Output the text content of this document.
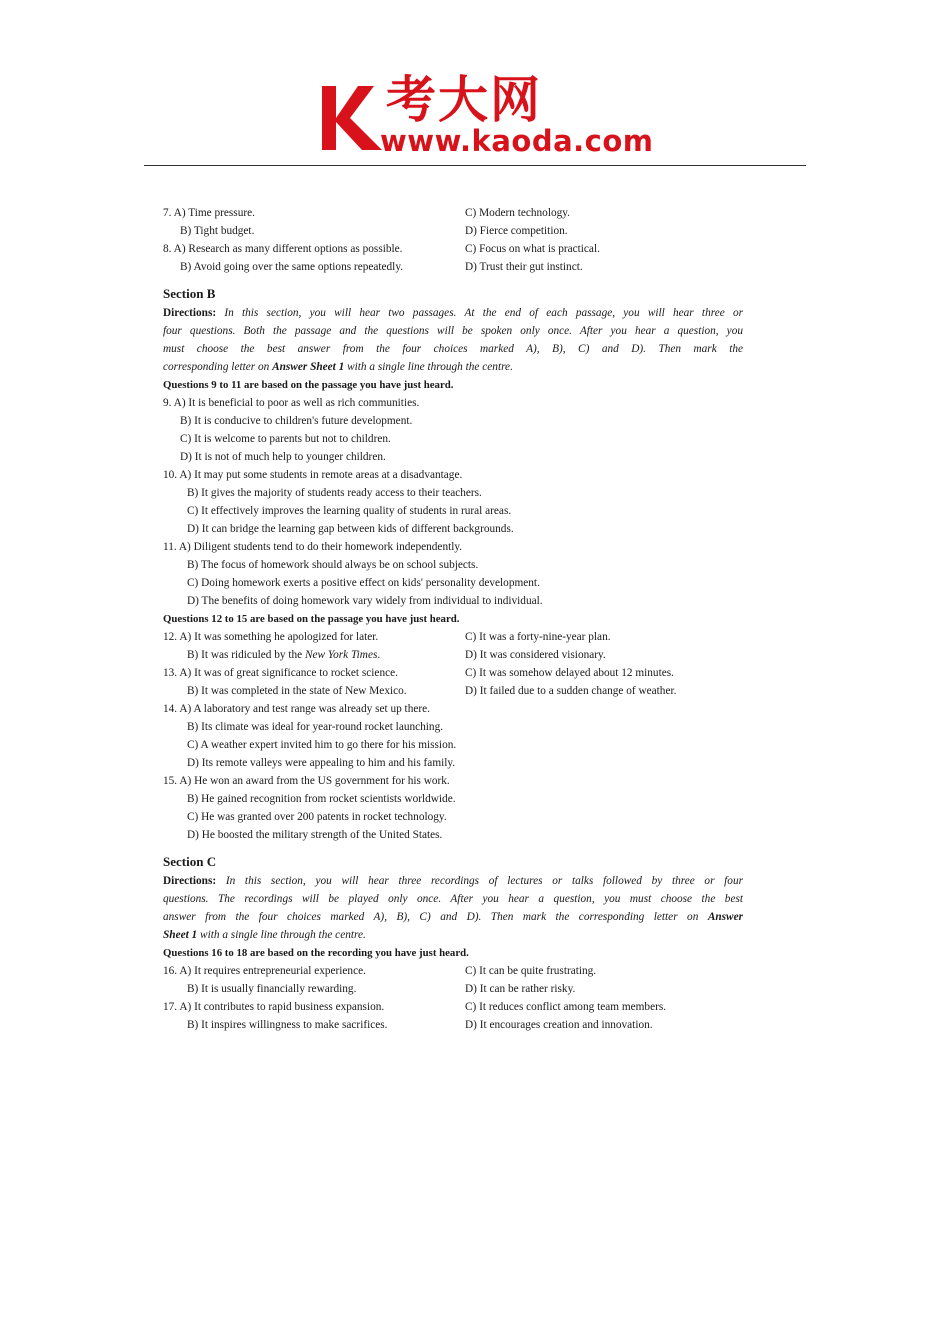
考大网
www.kaoda.com
7. A) Time pressure.	C) Modern technology.
B) Tight budget.	D) Fierce competition.
8. A) Research as many different options as possible.	C) Focus on what is practical.
B) Avoid going over the same options repeatedly.	D) Trust their gut instinct.
Section B
Directions: In this section, you will hear two passages. At the end of each passage, you will hear three or
four questions. Both the passage and the questions will be spoken only once. After you hear a question, you
must choose the best answer from the four choices marked A), B), C) and D). Then mark the
corresponding letter on Answer Sheet 1 with a single line through the centre.
Questions 9 to 11 are based on the passage you have just heard.
9. A) It is beneficial to poor as well as rich communities.
B) It is conducive to children's future development.
C) It is welcome to parents but not to children.
D) It is not of much help to younger children.
10. A) It may put some students in remote areas at a disadvantage.
B) It gives the majority of students ready access to their teachers.
C) It effectively improves the learning quality of students in rural areas.
D) It can bridge the learning gap between kids of different backgrounds.
11. A) Diligent students tend to do their homework independently.
B) The focus of homework should always be on school subjects.
C) Doing homework exerts a positive effect on kids' personality development.
D) The benefits of doing homework vary widely from individual to individual.
Questions 12 to 15 are based on the passage you have just heard.
12. A) It was something he apologized for later.	C) It was a forty-nine-year plan.
B) It was ridiculed by the New York Times.	D) It was considered visionary.
13. A) It was of great significance to rocket science.	C) It was somehow delayed about 12 minutes.
B) It was completed in the state of New Mexico.	D) It failed due to a sudden change of weather.
14. A) A laboratory and test range was already set up there.
B) Its climate was ideal for year-round rocket launching.
C) A weather expert invited him to go there for his mission.
D) Its remote valleys were appealing to him and his family.
15. A) He won an award from the US government for his work.
B) He gained recognition from rocket scientists worldwide.
C) He was granted over 200 patents in rocket technology.
D) He boosted the military strength of the United States.
Section C
Directions: In this section, you will hear three recordings of lectures or talks followed by three or four
questions. The recordings will be played only once. After you hear a question, you must choose the best
answer from the four choices marked A), B), C) and D). Then mark the corresponding letter on Answer
Sheet 1 with a single line through the centre.
Questions 16 to 18 are based on the recording you have just heard.
16. A) It requires entrepreneurial experience.	C) It can be quite frustrating.
B) It is usually financially rewarding.	D) It can be rather risky.
17. A) It contributes to rapid business expansion.	C) It reduces conflict among team members.
B) It inspires willingness to make sacrifices.	D) It encourages creation and innovation.
